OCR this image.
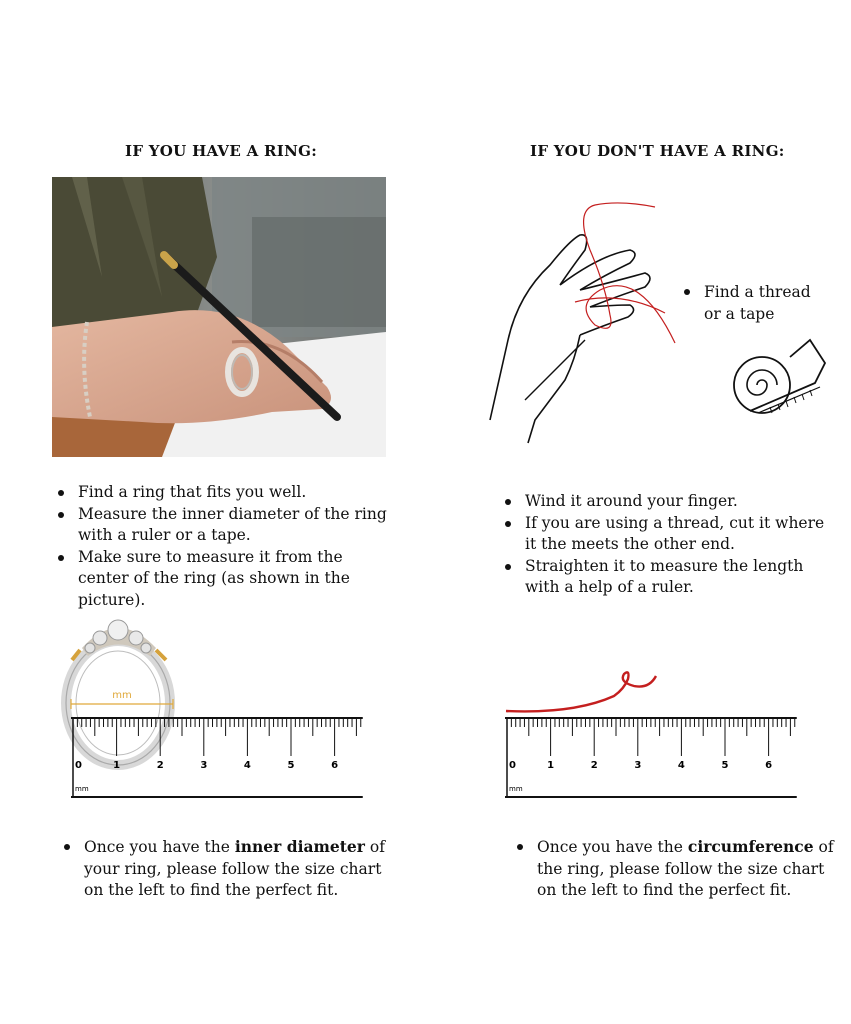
IF YOU HAVE A RING:	IF YOU DON'T HAVE A RING:
Find a thread or a tape
Find a ring that fits you well.
Measure the inner diameter of the ring with a ruler or a tape.
Make sure to measure it from the center of the ring (as shown in the picture).
Wind it around your finger.
If you are using a thread, cut it where it the meets the other end.
Straighten it to measure the length with a help of a ruler.
mm
0	1	2	3	4	5	6
mm
0	1	2	3	4	5	6
mm
Once you have the inner diameter of your ring, please follow the size chart on the left to find the perfect fit.
Once you have the circumference of the ring, please follow the size chart on the left to find the perfect fit.
